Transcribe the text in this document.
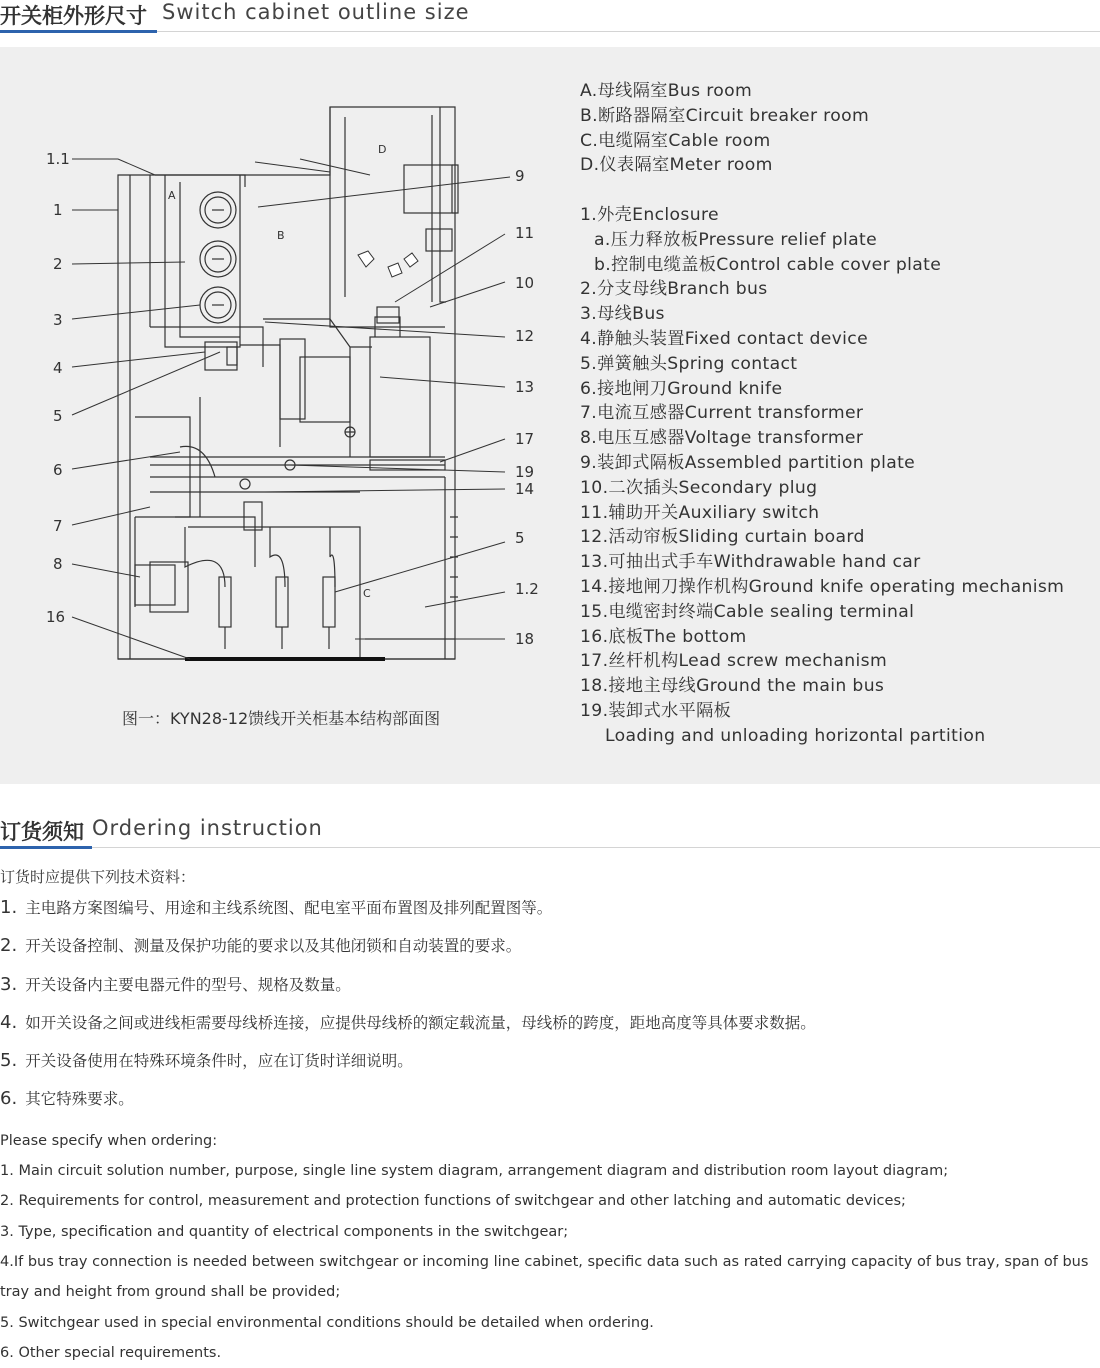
开关柜外形尺寸 Switch cabinet outline size
1.1
1
2
3
4
5
6
7
8
16
9
11
10
12
13
17
19
14
5
1.2
18
A
B
C
D
图一：KYN28-12馈线开关柜基本结构部面图
A.母线隔室Bus room
B.断路器隔室Circuit breaker room
C.电缆隔室Cable room
D.仪表隔室Meter room
1.外壳Enclosure
a.压力释放板Pressure relief plate
b.控制电缆盖板Control cable cover plate
2.分支母线Branch bus
3.母线Bus
4.静触头装置Fixed contact device
5.弹簧触头Spring contact
6.接地闸刀Ground knife
7.电流互感器Current transformer
8.电压互感器Voltage transformer
9.装卸式隔板Assembled partition plate
10.二次插头Secondary plug
11.辅助开关Auxiliary switch
12.活动帘板Sliding curtain board
13.可抽出式手车Withdrawable hand car
14.接地闸刀操作机构Ground knife operating mechanism
15.电缆密封终端Cable sealing terminal
16.底板The bottom
17.丝杆机构Lead screw mechanism
18.接地主母线Ground the main bus
19.装卸式水平隔板
Loading and unloading horizontal partition
订货须知 Ordering instruction
订货时应提供下列技术资料：
1. 主电路方案图编号、用途和主线系统图、配电室平面布置图及排列配置图等。
2. 开关设备控制、测量及保护功能的要求以及其他闭锁和自动装置的要求。
3. 开关设备内主要电器元件的型号、规格及数量。
4. 如开关设备之间或进线柜需要母线桥连接，应提供母线桥的额定载流量，母线桥的跨度，距地高度等具体要求数据。
5. 开关设备使用在特殊环境条件时，应在订货时详细说明。
6. 其它特殊要求。
Please specify when ordering:
1. Main circuit solution number, purpose, single line system diagram, arrangement diagram and distribution room layout diagram;
2. Requirements for control, measurement and protection functions of switchgear and other latching and automatic devices;
3. Type, specification and quantity of electrical components in the switchgear;
4.If bus tray connection is needed between switchgear or incoming line cabinet, specific data such as rated carrying capacity of bus tray, span of bus tray and height from ground shall be provided;
5. Switchgear used in special environmental conditions should be detailed when ordering.
6. Other special requirements.
